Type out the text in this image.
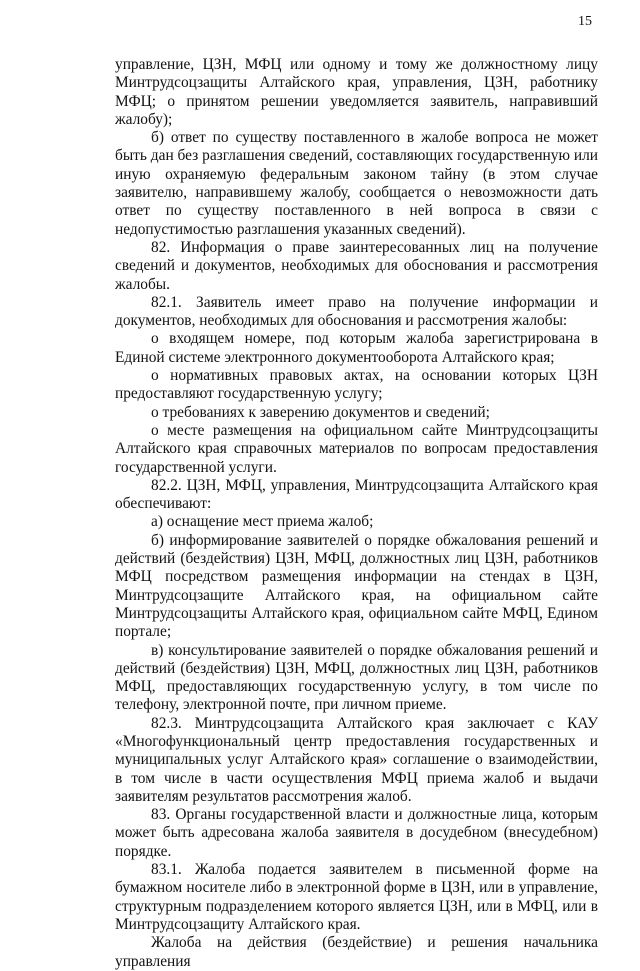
15

управление, ЦЗН, МФЦ или одному и тому же должностному лицу Минтрудсоцзащиты Алтайского края, управления, ЦЗН, работнику МФЦ; о принятом решении уведомляется заявитель, направивший жалобу);

б) ответ по существу поставленного в жалобе вопроса не может быть дан без разглашения сведений, составляющих государственную или иную охраняемую федеральным законом тайну (в этом случае заявителю, направившему жалобу, сообщается о невозможности дать ответ по существу поставленного в ней вопроса в связи с недопустимостью разглашения указанных сведений).

82. Информация о праве заинтересованных лиц на получение сведений и документов, необходимых для обоснования и рассмотрения жалобы.

82.1. Заявитель имеет право на получение информации и документов, необходимых для обоснования и рассмотрения жалобы:

о входящем номере, под которым жалоба зарегистрирована в Единой системе электронного документооборота Алтайского края;

о нормативных правовых актах, на основании которых ЦЗН предоставляют государственную услугу;

о требованиях к заверению документов и сведений;

о месте размещения на официальном сайте Минтрудсоцзащиты Алтайского края справочных материалов по вопросам предоставления государственной услуги.

82.2. ЦЗН, МФЦ, управления, Минтрудсоцзащита Алтайского края обеспечивают:

а) оснащение мест приема жалоб;

б) информирование заявителей о порядке обжалования решений и действий (бездействия) ЦЗН, МФЦ, должностных лиц ЦЗН, работников МФЦ посредством размещения информации на стендах в ЦЗН, Минтрудсоцзащите Алтайского края, на официальном сайте Минтрудсоцзащиты Алтайского края, официальном сайте МФЦ, Едином портале;

в) консультирование заявителей о порядке обжалования решений и действий (бездействия) ЦЗН, МФЦ, должностных лиц ЦЗН, работников МФЦ, предоставляющих государственную услугу, в том числе по телефону, электронной почте, при личном приеме.

82.3. Минтрудсоцзащита Алтайского края заключает с КАУ «Многофункциональный центр предоставления государственных и муниципальных услуг Алтайского края» соглашение о взаимодействии, в том числе в части осуществления МФЦ приема жалоб и выдачи заявителям результатов рассмотрения жалоб.

83. Органы государственной власти и должностные лица, которым может быть адресована жалоба заявителя в досудебном (внесудебном) порядке.

83.1. Жалоба подается заявителем в письменной форме на бумажном носителе либо в электронной форме в ЦЗН, или в управление, структурным подразделением которого является ЦЗН, или в МФЦ, или в Минтрудсоцзащиту Алтайского края.

Жалоба на действия (бездействие) и решения начальника управления
